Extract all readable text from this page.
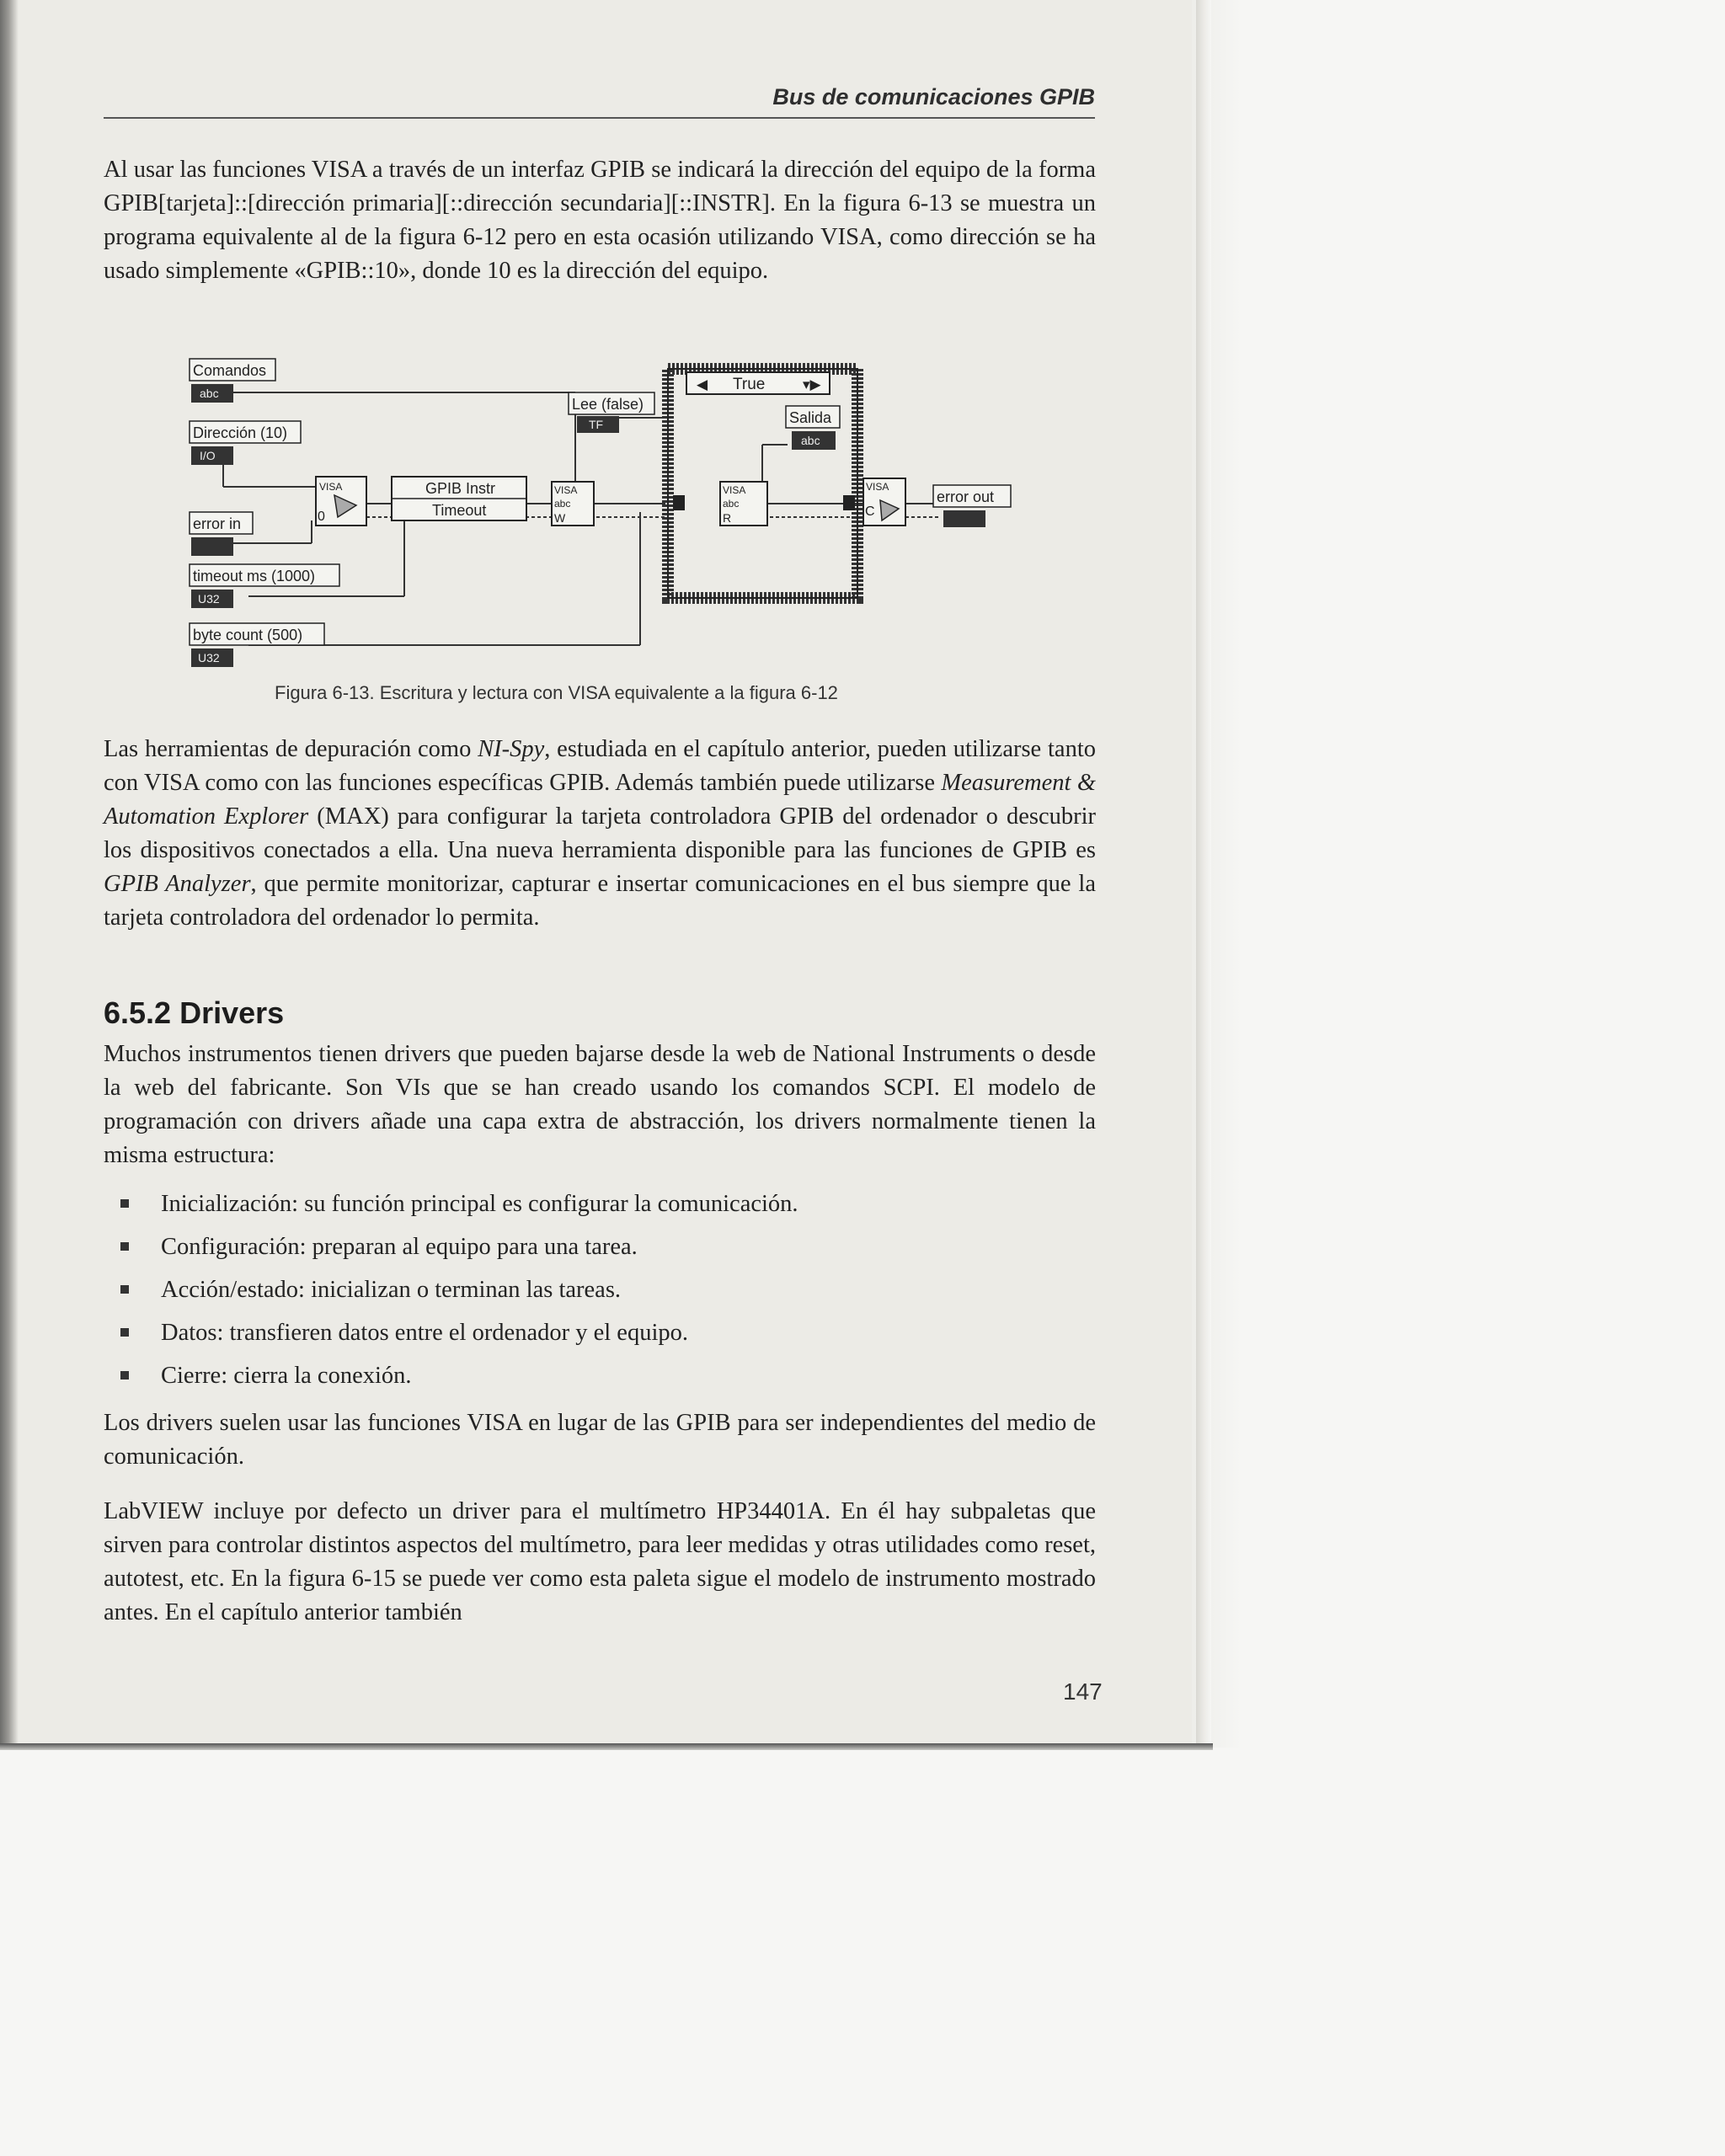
Bus de comunicaciones GPIB
Al usar las funciones VISA a través de un interfaz GPIB se indicará la dirección del equipo de la forma GPIB[tarjeta]::[dirección primaria][::dirección secundaria][::INSTR]. En la figura 6-13 se muestra un programa equivalente al de la figura 6-12 pero en esta ocasión utilizando VISA, como dirección se ha usado simplemente «GPIB::10», donde 10 es la dirección del equipo.
◀	▾▶
True
Comandos
abc
Dirección (10)
I/O
error in
timeout ms (1000)
U32
byte count (500)
U32
VISA
0
GPIB Instr
Timeout
Lee (false)
TF
VISA
abc
W
VISA
abc
R
Salida
abc
VISA
C
error out
Figura 6-13. Escritura y lectura con VISA equivalente a la figura 6-12
Las herramientas de depuración como NI-Spy, estudiada en el capítulo anterior, pueden utilizarse tanto con VISA como con las funciones específicas GPIB. Además también puede utilizarse Measurement & Automation Explorer (MAX) para configurar la tarjeta controladora GPIB del ordenador o descubrir los dispositivos conectados a ella. Una nueva herramienta disponible para las funciones de GPIB es GPIB Analyzer, que permite monitorizar, capturar e insertar comunicaciones en el bus siempre que la tarjeta controladora del ordenador lo permita.
6.5.2 Drivers
Muchos instrumentos tienen drivers que pueden bajarse desde la web de National Instruments o desde la web del fabricante. Son VIs que se han creado usando los comandos SCPI. El modelo de programación con drivers añade una capa extra de abstracción, los drivers normalmente tienen la misma estructura:
Inicialización: su función principal es configurar la comunicación.
Configuración: preparan al equipo para una tarea.
Acción/estado: inicializan o terminan las tareas.
Datos: transfieren datos entre el ordenador y el equipo.
Cierre: cierra la conexión.
Los drivers suelen usar las funciones VISA en lugar de las GPIB para ser independientes del medio de comunicación.
LabVIEW incluye por defecto un driver para el multímetro HP34401A. En él hay subpaletas que sirven para controlar distintos aspectos del multímetro, para leer medidas y otras utilidades como reset, autotest, etc. En la figura 6-15 se puede ver como esta paleta sigue el modelo de instrumento mostrado antes. En el capítulo anterior también
147
